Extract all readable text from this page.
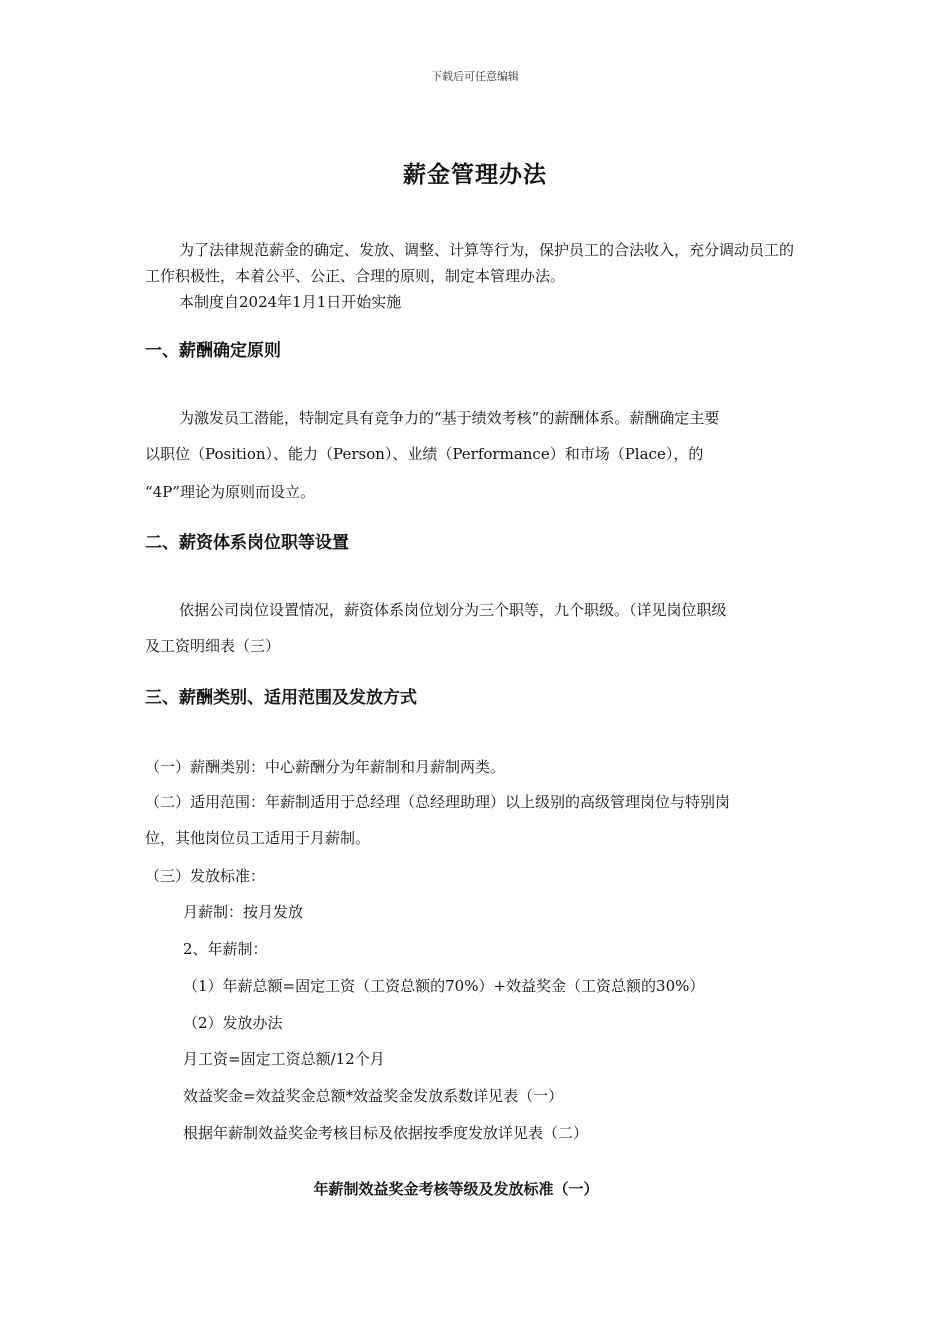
下载后可任意编辑
薪金管理办法
为了法律规范薪金的确定、发放、调整、计算等行为，保护员工的合法收入，充分调动员工的工作积极性，本着公平、公正、合理的原则，制定本管理办法。
本制度自2024年1月1日开始实施
一、薪酬确定原则
为激发员工潜能，特制定具有竞争力的“基于绩效考核”的薪酬体系。薪酬确定主要
以职位（Position）、能力（Person）、业绩（Performance）和市场（Place），的
“4P”理论为原则而设立。
二、薪资体系岗位职等设置
依据公司岗位设置情况，薪资体系岗位划分为三个职等，九个职级。（详见岗位职级
及工资明细表（三）
三、薪酬类别、适用范围及发放方式
（一）薪酬类别：中心薪酬分为年薪制和月薪制两类。
（二）适用范围：年薪制适用于总经理（总经理助理）以上级别的高级管理岗位与特别岗
位，其他岗位员工适用于月薪制。
（三）发放标准：
月薪制：按月发放
2、年薪制：
（1）年薪总额=固定工资（工资总额的70%）+效益奖金（工资总额的30%）
（2）发放办法
月工资=固定工资总额/12个月
效益奖金=效益奖金总额*效益奖金发放系数详见表（一）
根据年薪制效益奖金考核目标及依据按季度发放详见表（二）
年薪制效益奖金考核等级及发放标准（一）
